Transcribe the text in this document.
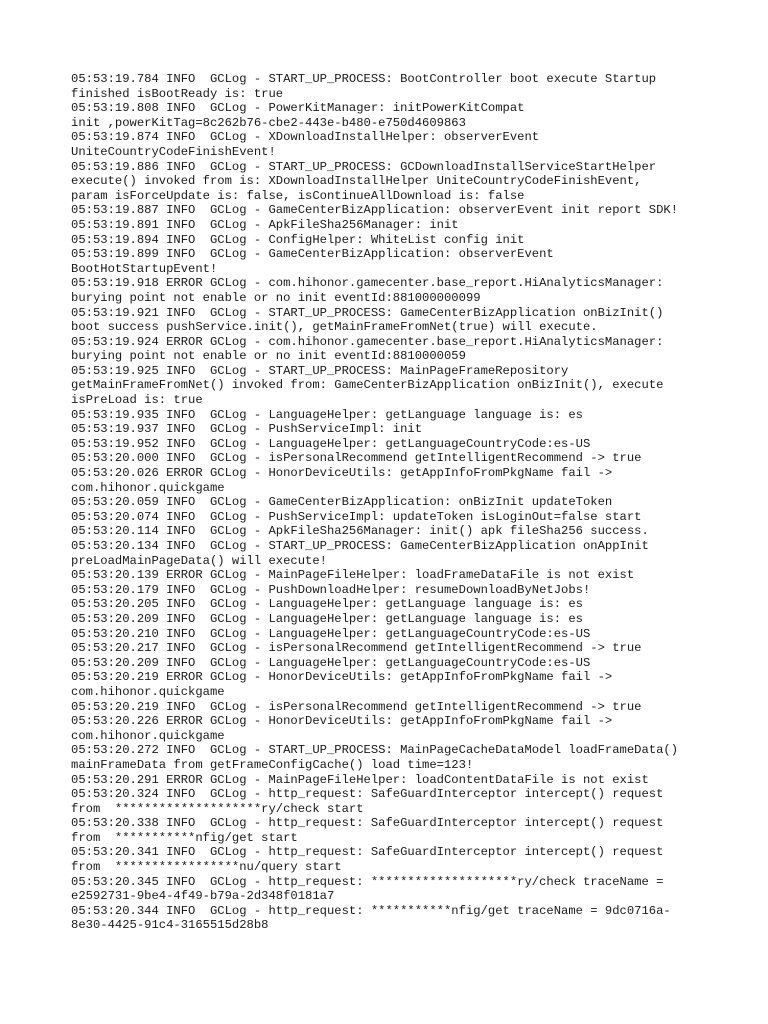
05:53:19.784 INFO  GCLog - START_UP_PROCESS: BootController boot execute Startup
finished isBootReady is: true
05:53:19.808 INFO  GCLog - PowerKitManager: initPowerKitCompat
init ,powerKitTag=8c262b76-cbe2-443e-b480-e750d4609863
05:53:19.874 INFO  GCLog - XDownloadInstallHelper: observerEvent
UniteCountryCodeFinishEvent!
05:53:19.886 INFO  GCLog - START_UP_PROCESS: GCDownloadInstallServiceStartHelper
execute() invoked from is: XDownloadInstallHelper UniteCountryCodeFinishEvent,
param isForceUpdate is: false, isContinueAllDownload is: false
05:53:19.887 INFO  GCLog - GameCenterBizApplication: observerEvent init report SDK!
05:53:19.891 INFO  GCLog - ApkFileSha256Manager: init
05:53:19.894 INFO  GCLog - ConfigHelper: WhiteList config init
05:53:19.899 INFO  GCLog - GameCenterBizApplication: observerEvent
BootHotStartupEvent!
05:53:19.918 ERROR GCLog - com.hihonor.gamecenter.base_report.HiAnalyticsManager:
burying point not enable or no init eventId:881000000099
05:53:19.921 INFO  GCLog - START_UP_PROCESS: GameCenterBizApplication onBizInit()
boot success pushService.init(), getMainFrameFromNet(true) will execute.
05:53:19.924 ERROR GCLog - com.hihonor.gamecenter.base_report.HiAnalyticsManager:
burying point not enable or no init eventId:8810000059
05:53:19.925 INFO  GCLog - START_UP_PROCESS: MainPageFrameRepository
getMainFrameFromNet() invoked from: GameCenterBizApplication onBizInit(), execute
isPreLoad is: true
05:53:19.935 INFO  GCLog - LanguageHelper: getLanguage language is: es
05:53:19.937 INFO  GCLog - PushServiceImpl: init
05:53:19.952 INFO  GCLog - LanguageHelper: getLanguageCountryCode:es-US
05:53:20.000 INFO  GCLog - isPersonalRecommend getIntelligentRecommend -> true
05:53:20.026 ERROR GCLog - HonorDeviceUtils: getAppInfoFromPkgName fail ->
com.hihonor.quickgame
05:53:20.059 INFO  GCLog - GameCenterBizApplication: onBizInit updateToken
05:53:20.074 INFO  GCLog - PushServiceImpl: updateToken isLoginOut=false start
05:53:20.114 INFO  GCLog - ApkFileSha256Manager: init() apk fileSha256 success.
05:53:20.134 INFO  GCLog - START_UP_PROCESS: GameCenterBizApplication onAppInit
preLoadMainPageData() will execute!
05:53:20.139 ERROR GCLog - MainPageFileHelper: loadFrameDataFile is not exist
05:53:20.179 INFO  GCLog - PushDownloadHelper: resumeDownloadByNetJobs!
05:53:20.205 INFO  GCLog - LanguageHelper: getLanguage language is: es
05:53:20.209 INFO  GCLog - LanguageHelper: getLanguage language is: es
05:53:20.210 INFO  GCLog - LanguageHelper: getLanguageCountryCode:es-US
05:53:20.217 INFO  GCLog - isPersonalRecommend getIntelligentRecommend -> true
05:53:20.209 INFO  GCLog - LanguageHelper: getLanguageCountryCode:es-US
05:53:20.219 ERROR GCLog - HonorDeviceUtils: getAppInfoFromPkgName fail ->
com.hihonor.quickgame
05:53:20.219 INFO  GCLog - isPersonalRecommend getIntelligentRecommend -> true
05:53:20.226 ERROR GCLog - HonorDeviceUtils: getAppInfoFromPkgName fail ->
com.hihonor.quickgame
05:53:20.272 INFO  GCLog - START_UP_PROCESS: MainPageCacheDataModel loadFrameData()
mainFrameData from getFrameConfigCache() load time=123!
05:53:20.291 ERROR GCLog - MainPageFileHelper: loadContentDataFile is not exist
05:53:20.324 INFO  GCLog - http_request: SafeGuardInterceptor intercept() request
from  ********************ry/check start
05:53:20.338 INFO  GCLog - http_request: SafeGuardInterceptor intercept() request
from  ***********nfig/get start
05:53:20.341 INFO  GCLog - http_request: SafeGuardInterceptor intercept() request
from  *****************nu/query start
05:53:20.345 INFO  GCLog - http_request: ********************ry/check traceName =
e2592731-9be4-4f49-b79a-2d348f0181a7
05:53:20.344 INFO  GCLog - http_request: ***********nfig/get traceName = 9dc0716a-
8e30-4425-91c4-3165515d28b8
